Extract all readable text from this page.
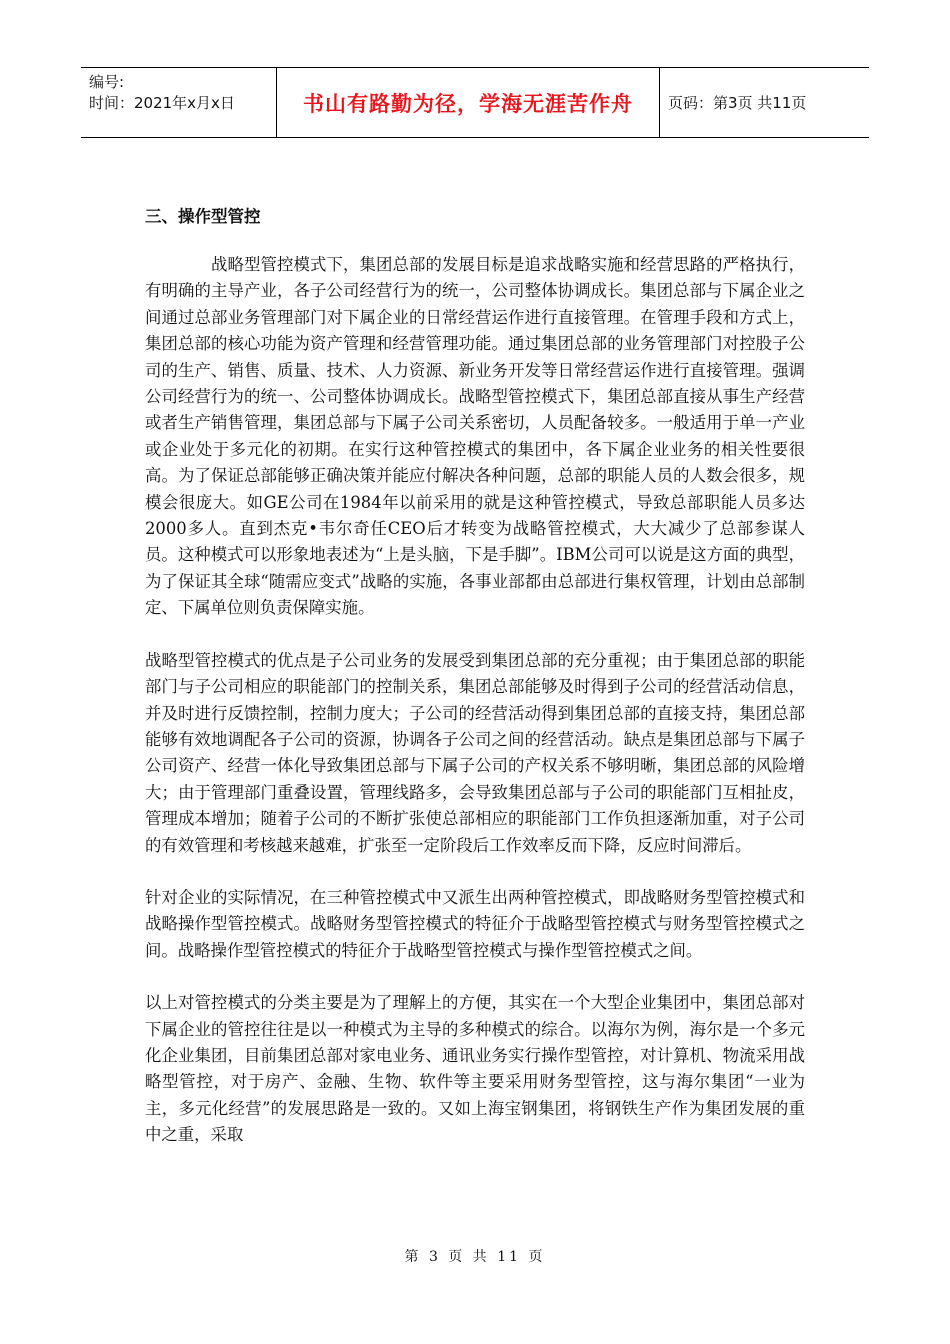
编号:
时间：2021年x月x日	书山有路勤为径，学海无涯苦作舟 页码：第3页 共11页
三、操作型管控

战略型管控模式下，集团总部的发展目标是追求战略实施和经营思路的严格执行，有明确的主导产业，各子公司经营行为的统一，公司整体协调成长。集团总部与下属企业之间通过总部业务管理部门对下属企业的日常经营运作进行直接管理。在管理手段和方式上，集团总部的核心功能为资产管理和经营管理功能。通过集团总部的业务管理部门对控股子公司的生产、销售、质量、技术、人力资源、新业务开发等日常经营运作进行直接管理。强调公司经营行为的统一、公司整体协调成长。战略型管控模式下，集团总部直接从事生产经营或者生产销售管理，集团总部与下属子公司关系密切，人员配备较多。一般适用于单一产业或企业处于多元化的初期。在实行这种管控模式的集团中，各下属企业业务的相关性要很高。为了保证总部能够正确决策并能应付解决各种问题，总部的职能人员的人数会很多，规模会很庞大。如GE公司在1984年以前采用的就是这种管控模式，导致总部职能人员多达2000多人。直到杰克•韦尔奇任CEO后才转变为战略管控模式，大大减少了总部参谋人员。这种模式可以形象地表述为“上是头脑，下是手脚”。IBM公司可以说是这方面的典型，为了保证其全球“随需应变式”战略的实施，各事业部都由总部进行集权管理，计划由总部制定、下属单位则负责保障实施。

战略型管控模式的优点是子公司业务的发展受到集团总部的充分重视；由于集团总部的职能部门与子公司相应的职能部门的控制关系，集团总部能够及时得到子公司的经营活动信息，并及时进行反馈控制，控制力度大；子公司的经营活动得到集团总部的直接支持，集团总部能够有效地调配各子公司的资源，协调各子公司之间的经营活动。缺点是集团总部与下属子公司资产、经营一体化导致集团总部与下属子公司的产权关系不够明晰，集团总部的风险增大；由于管理部门重叠设置，管理线路多，会导致集团总部与子公司的职能部门互相扯皮，管理成本增加；随着子公司的不断扩张使总部相应的职能部门工作负担逐渐加重，对子公司的有效管理和考核越来越难，扩张至一定阶段后工作效率反而下降，反应时间滞后。

针对企业的实际情况，在三种管控模式中又派生出两种管控模式，即战略财务型管控模式和战略操作型管控模式。战略财务型管控模式的特征介于战略型管控模式与财务型管控模式之间。战略操作型管控模式的特征介于战略型管控模式与操作型管控模式之间。

以上对管控模式的分类主要是为了理解上的方便，其实在一个大型企业集团中，集团总部对下属企业的管控往往是以一种模式为主导的多种模式的综合。以海尔为例，海尔是一个多元化企业集团，目前集团总部对家电业务、通讯业务实行操作型管控，对计算机、物流采用战略型管控，对于房产、金融、生物、软件等主要采用财务型管控，这与海尔集团“一业为主，多元化经营”的发展思路是一致的。又如上海宝钢集团，将钢铁生产作为集团发展的重中之重，采取

第 3 页 共 11 页
